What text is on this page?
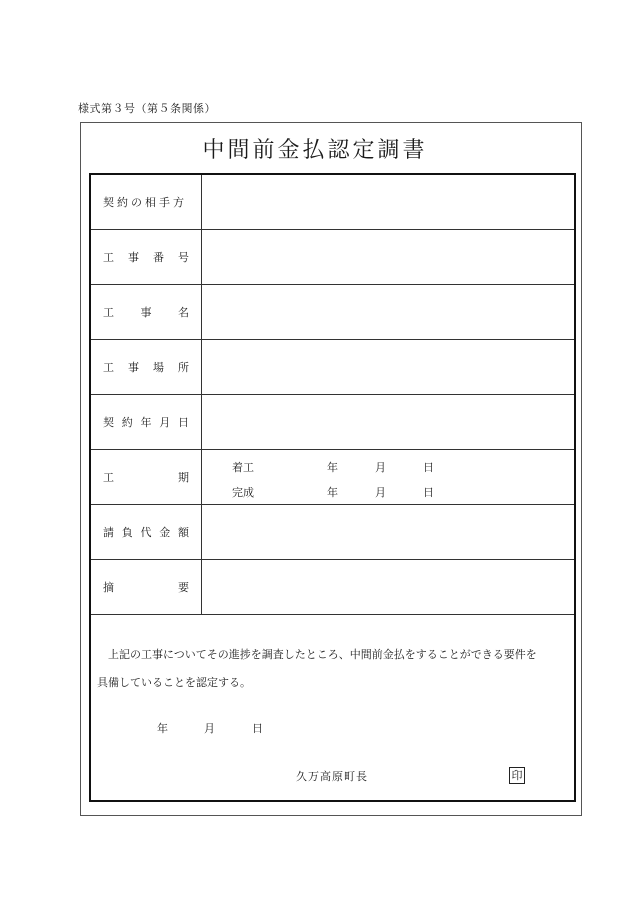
様式第３号（第５条関係）
中間前金払認定調書
契約の相手方
工 事 番 号
工 事 名
工 事 場 所
契 約 年 月 日
工	期
着工	年	月	日
完成	年	月	日
請 負 代 金 額
摘	要

上記の工事についてその進捗を調査したところ、中間前金払をすることができる要件を

具備していることを認定する。

年	月	日
久万高原町長	印
